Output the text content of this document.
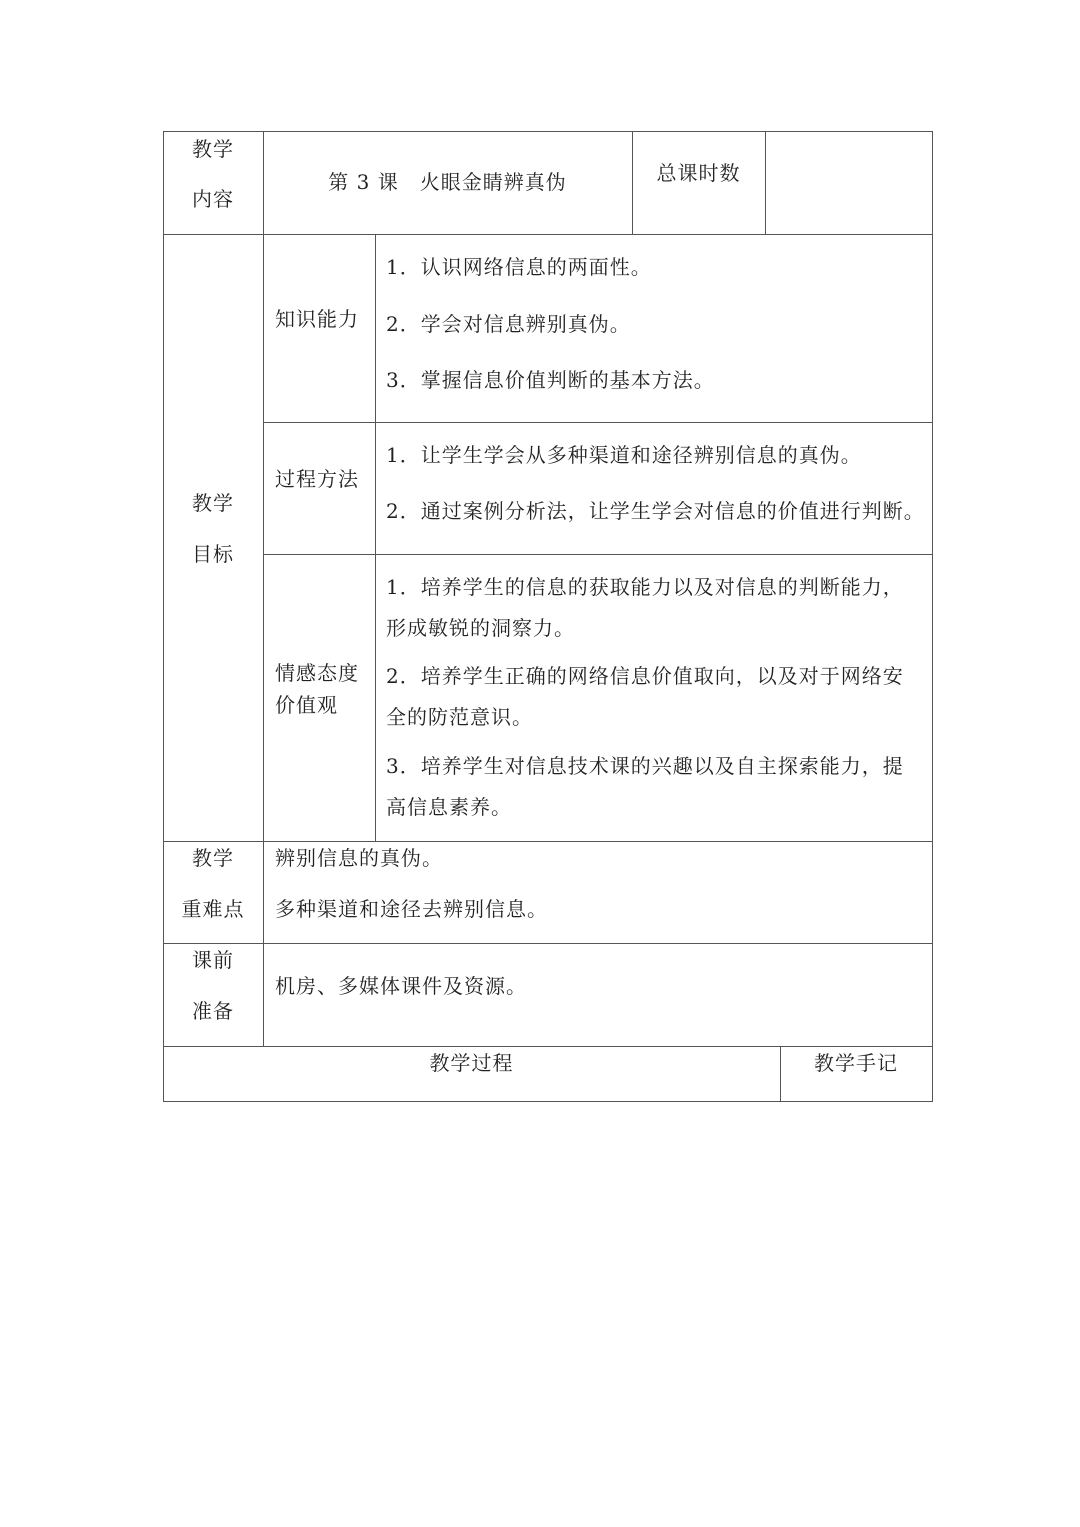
教学
内容
第 3 课　火眼金睛辨真伪	总课时数
教学
目标
知识能力
1．认识网络信息的两面性。
2．学会对信息辨别真伪。
3．掌握信息价值判断的基本方法。
过程方法
1．让学生学会从多种渠道和途径辨别信息的真伪。
2．通过案例分析法，让学生学会对信息的价值进行判断。
情感态度
价值观
1．培养学生的信息的获取能力以及对信息的判断能力，
形成敏锐的洞察力。
2．培养学生正确的网络信息价值取向，以及对于网络安
全的防范意识。
3．培养学生对信息技术课的兴趣以及自主探索能力，提
高信息素养。
教学
重难点
辨别信息的真伪。
多种渠道和途径去辨别信息。
课前
准备
机房、多媒体课件及资源。
教学过程	教学手记
